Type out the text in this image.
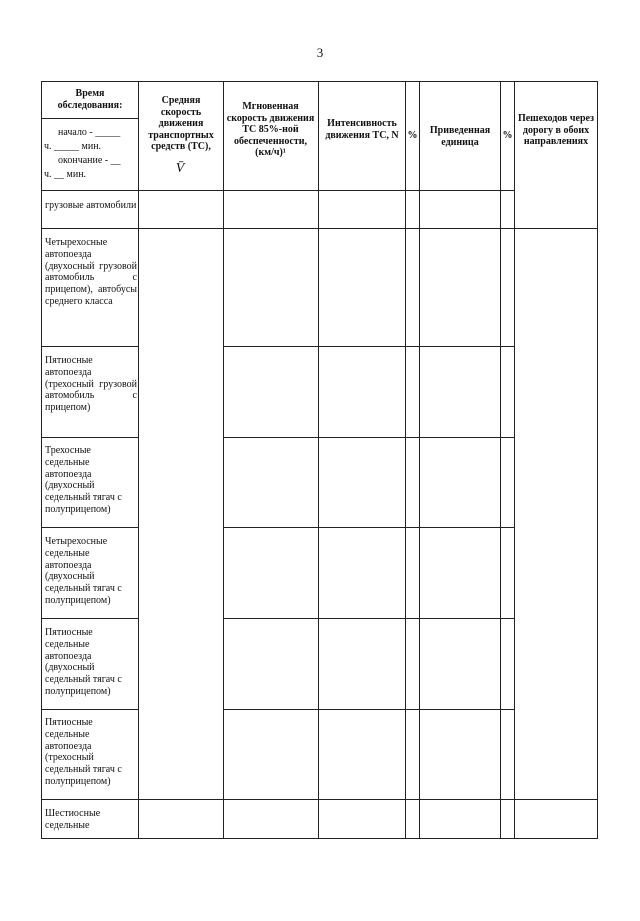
3
Время обследования:
начало - _____
ч. _____ мин.
окончание - __
ч. __ мин.
Средняя скорость движения транспортных средств (ТС),
V̄
Мгновенная скорость движения ТС 85%-ной обеспеченности, (км/ч)¹
Интенсивность движения ТС, N %	Приведенная единица
%
Пешеходов через дорогу в обоих направлениях
грузовые автомобили
Четырехосные автопоезда (двухосный грузовой автомобиль с прицепом), автобусы среднего класса
Пятиосные автопоезда (трехосный грузовой автомобиль с прицепом)
Трехосные седельные автопоезда (двухосный седельный тягач с полуприцепом)
Четырехосные седельные автопоезда (двухосный седельный тягач с полуприцепом)
Пятиосные седельные автопоезда (двухосный седельный тягач с полуприцепом)
Пятиосные седельные автопоезда (трехосный седельный тягач с полуприцепом)
Шестиосные седельные
